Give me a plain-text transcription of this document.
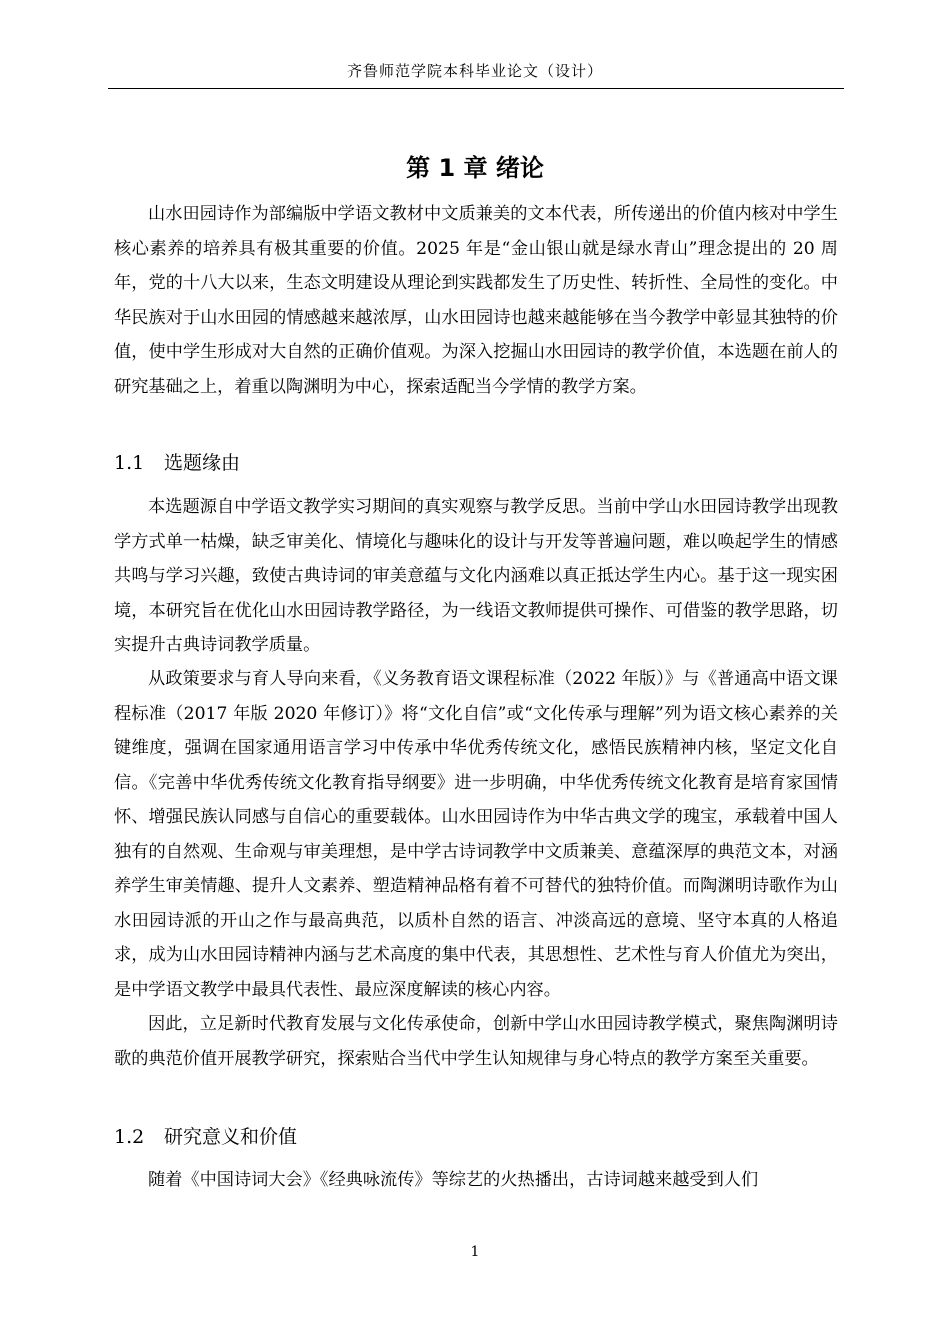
齐鲁师范学院本科毕业论文（设计）
第 1 章 绪论

山水田园诗作为部编版中学语文教材中文质兼美的文本代表，所传递出的价值内核对中学生核心素养的培养具有极其重要的价值。2025 年是“金山银山就是绿水青山”理念提出的 20 周年，党的十八大以来，生态文明建设从理论到实践都发生了历史性、转折性、全局性的变化。中华民族对于山水田园的情感越来越浓厚，山水田园诗也越来越能够在当今教学中彰显其独特的价值，使中学生形成对大自然的正确价值观。为深入挖掘山水田园诗的教学价值，本选题在前人的研究基础之上，着重以陶渊明为中心，探索适配当今学情的教学方案。

1.1 选题缘由

本选题源自中学语文教学实习期间的真实观察与教学反思。当前中学山水田园诗教学出现教学方式单一枯燥，缺乏审美化、情境化与趣味化的设计与开发等普遍问题，难以唤起学生的情感共鸣与学习兴趣，致使古典诗词的审美意蕴与文化内涵难以真正抵达学生内心。基于这一现实困境，本研究旨在优化山水田园诗教学路径，为一线语文教师提供可操作、可借鉴的教学思路，切实提升古典诗词教学质量。

从政策要求与育人导向来看，《义务教育语文课程标准（2022 年版）》与《普通高中语文课程标准（2017 年版 2020 年修订）》将“文化自信”或“文化传承与理解”列为语文核心素养的关键维度，强调在国家通用语言学习中传承中华优秀传统文化，感悟民族精神内核，坚定文化自信。《完善中华优秀传统文化教育指导纲要》进一步明确，中华优秀传统文化教育是培育家国情怀、增强民族认同感与自信心的重要载体。山水田园诗作为中华古典文学的瑰宝，承载着中国人独有的自然观、生命观与审美理想，是中学古诗词教学中文质兼美、意蕴深厚的典范文本，对涵养学生审美情趣、提升人文素养、塑造精神品格有着不可替代的独特价值。而陶渊明诗歌作为山水田园诗派的开山之作与最高典范，以质朴自然的语言、冲淡高远的意境、坚守本真的人格追求，成为山水田园诗精神内涵与艺术高度的集中代表，其思想性、艺术性与育人价值尤为突出，是中学语文教学中最具代表性、最应深度解读的核心内容。

因此，立足新时代教育发展与文化传承使命，创新中学山水田园诗教学模式，聚焦陶渊明诗歌的典范价值开展教学研究，探索贴合当代中学生认知规律与身心特点的教学方案至关重要。

1.2 研究意义和价值

随着《中国诗词大会》《经典咏流传》等综艺的火热播出，古诗词越来越受到人们

1
